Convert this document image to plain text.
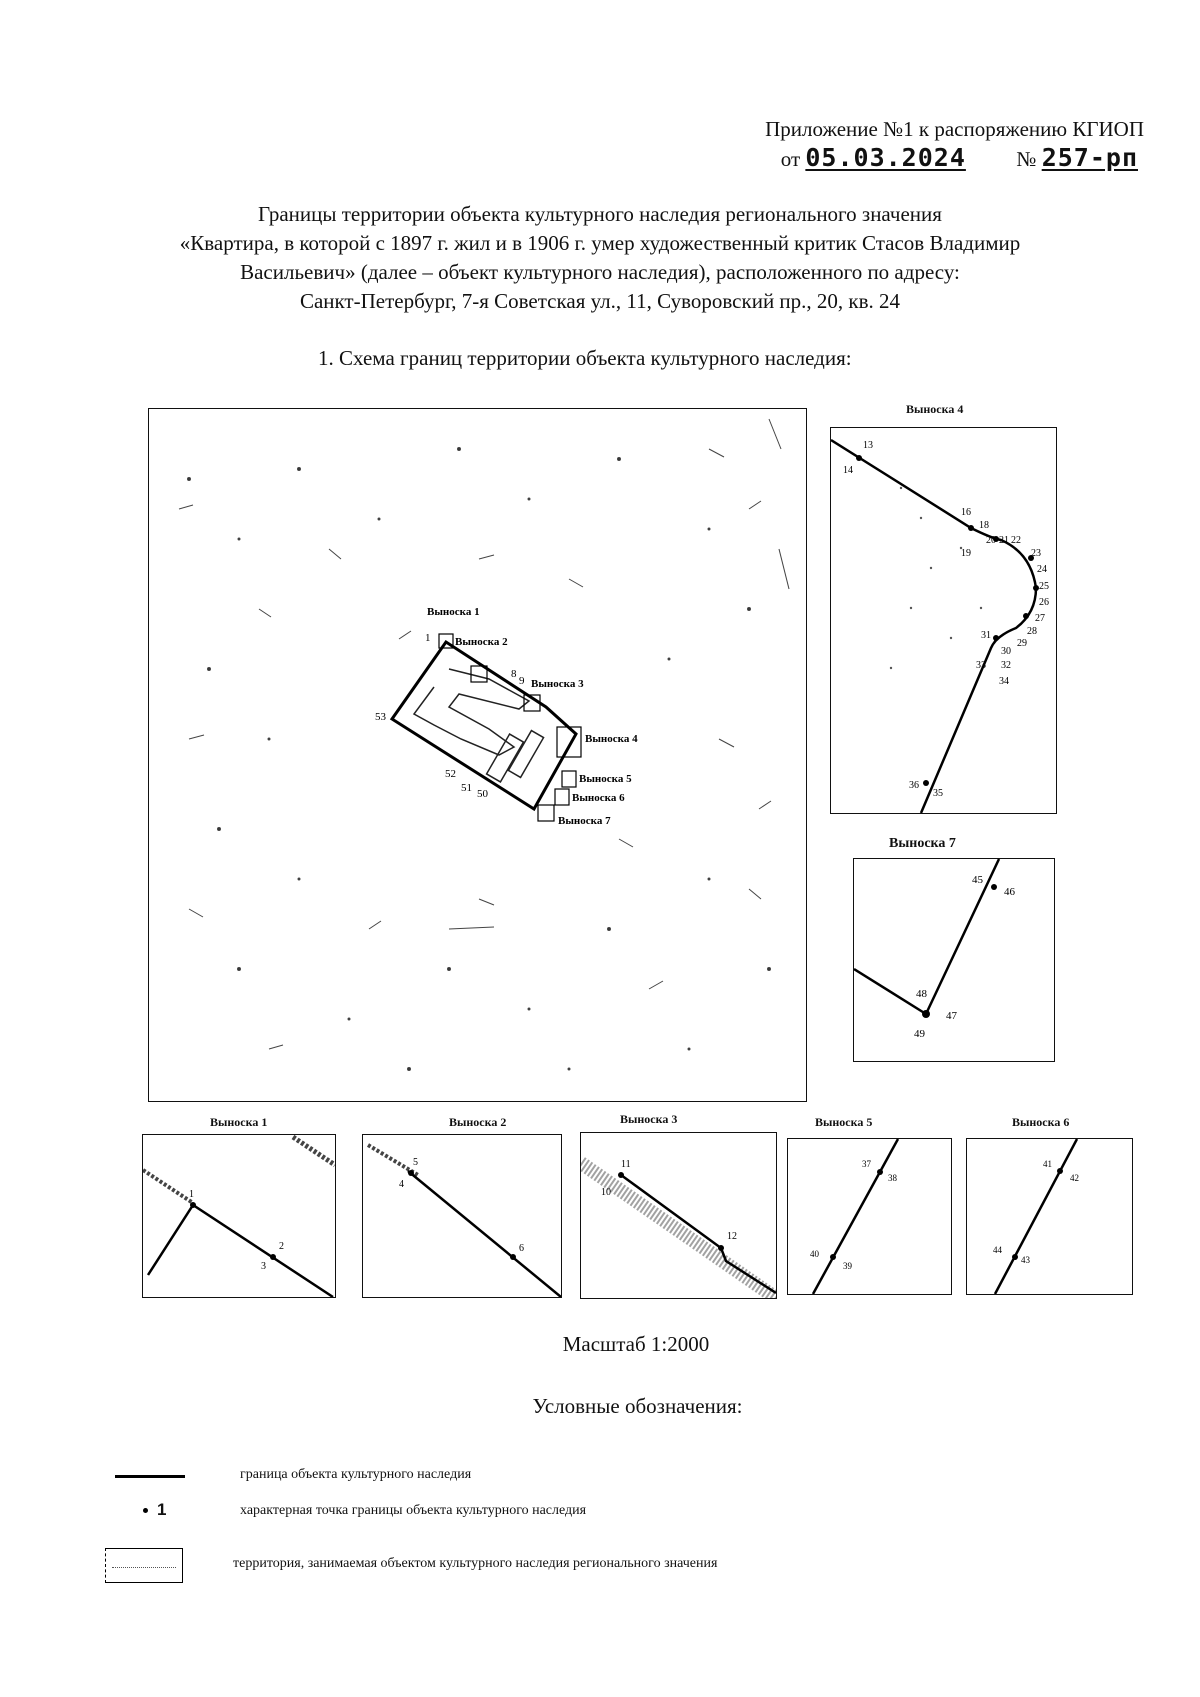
Приложение №1 к распоряжению КГИОП
от 05.03.2024 № 257-рп
Границы территории объекта культурного наследия регионального значения
«Квартира, в которой с 1897 г. жил и в 1906 г. умер художественный критик Стасов Владимир
Васильевич» (далее – объект культурного наследия), расположенного по адресу:
Санкт-Петербург, 7-я Советская ул., 11, Суворовский пр., 20, кв. 24
1. Схема границ территории объекта культурного наследия:
Выноска 1
Выноска 2
Выноска 3
Выноска 4
Выноска 5
Выноска 6
Выноска 7
1
8
9
53
52
51 50
Выноска 4
13
14
16
18
20 21 22
19	23
24
25
26
27
28
29
30
31
32
33
34
36
35
Выноска 7
45
46
48
47
49
Выноска 1
1
2
3
Выноска 2
5
4
6
Выноска 3
11
10
12
Выноска 5
37
38
40
39
Выноска 6
41
42
44
43
Масштаб 1:2000
Условные обозначения:
граница объекта культурного наследия
1	характерная точка границы объекта культурного наследия
территория, занимаемая объектом культурного наследия регионального значения
